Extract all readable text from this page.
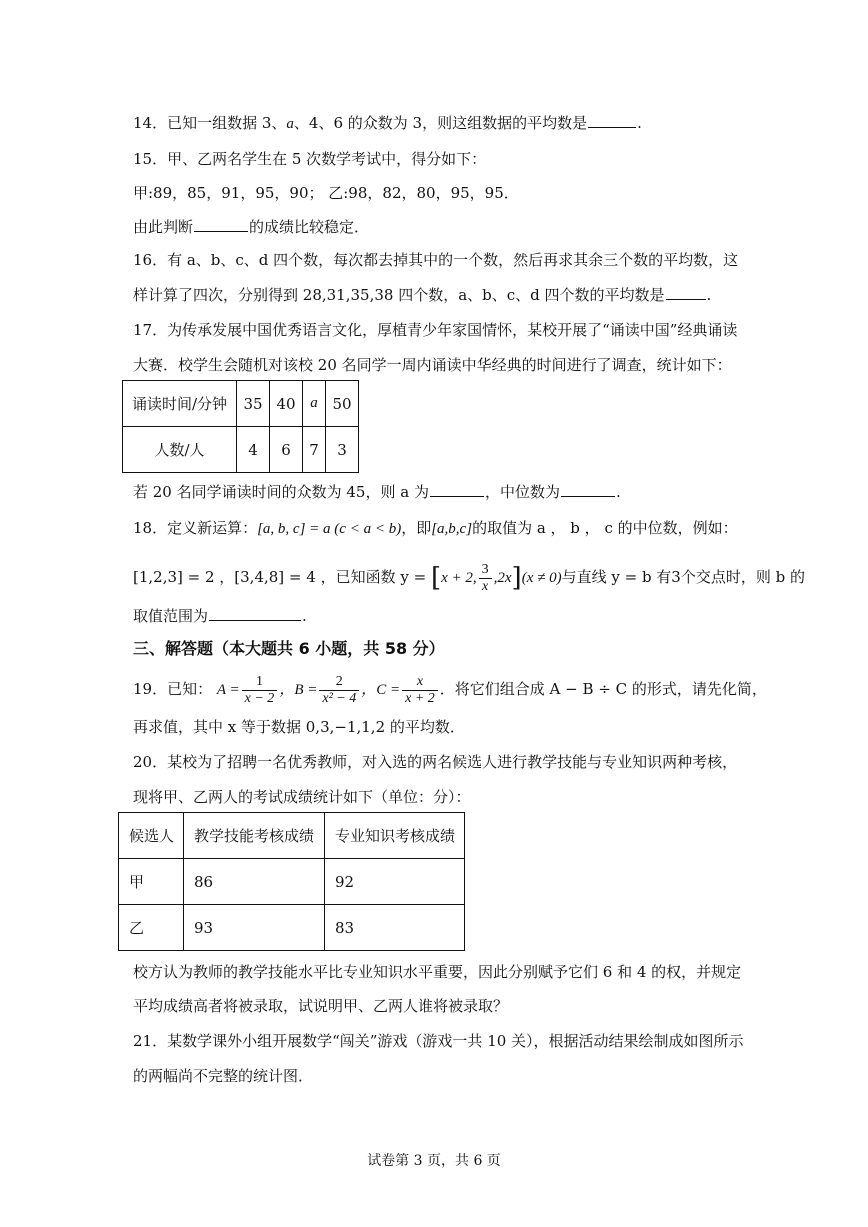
14．已知一组数据 3、a、4、6 的众数为 3，则这组数据的平均数是	.
15．甲、乙两名学生在 5 次数学考试中，得分如下：
甲:89，85，91，95，90； 乙:98，82，80，95，95．
由此判断	的成绩比较稳定．
16．有 a、b、c、d 四个数，每次都去掉其中的一个数，然后再求其余三个数的平均数，这
样计算了四次，分别得到 28,31,35,38 四个数，a、b、c、d 四个数的平均数是	.
17．为传承发展中国优秀语言文化，厚植青少年家国情怀，某校开展了“诵读中国”经典诵读
大赛．校学生会随机对该校 20 名同学一周内诵读中华经典的时间进行了调查，统计如下：
诵读时间/分钟	35	40	a	50
人数/人	4	6	7	3
若 20 名同学诵读时间的众数为 45，则 a 为	，中位数为	.
18．定义新运算：[a, b, c] = a (c < a < b)，即[a,b,c]的取值为 a ， b ， c 的中位数，例如：
[1,2,3] = 2 ，[3,4,8] = 4 ，已知函数 y = [x + 2, $\frac{3}{x} ,2x](x \ne 0)$与直线 y = b 有3个交点时，则 b 的
取值范围为	.
三、解答题（本大题共 6 小题，共 58 分）
19．已知： $A = \frac{1}{x - 2}$ ，$B = \frac{2}{\text{x² − 4}}$ ，$C = \frac{x}{x + 2}$ ．将它们组合成 A − B ÷ C 的形式，请先化简，
再求值，其中 x 等于数据 0,3,−1,1,2 的平均数．
20．某校为了招聘一名优秀教师，对入选的两名候选人进行教学技能与专业知识两种考核，
现将甲、乙两人的考试成绩统计如下（单位：分）：
候选人	教学技能考核成绩	专业知识考核成绩
甲	86	92
乙	93	83
校方认为教师的教学技能水平比专业知识水平重要，因此分别赋予它们 6 和 4 的权，并规定
平均成绩高者将被录取，试说明甲、乙两人谁将被录取？
21．某数学课外小组开展数学“闯关”游戏（游戏一共 10 关），根据活动结果绘制成如图所示
的两幅尚不完整的统计图．
试卷第 3 页，共 6 页
